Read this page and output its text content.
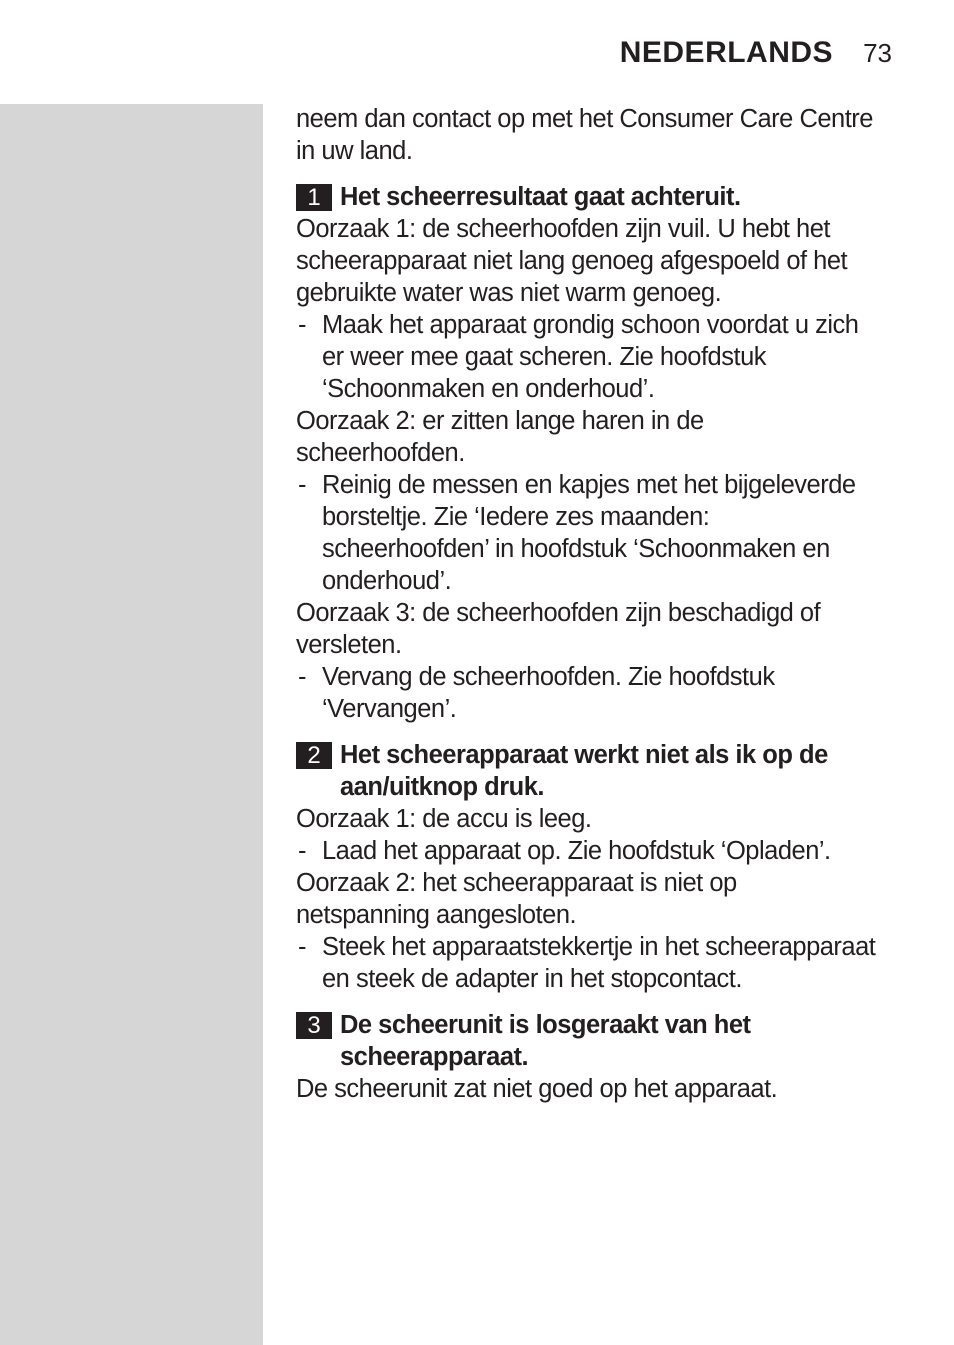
NEDERLANDS 73

neem dan contact op met het Consumer Care Centre in uw land.

1 Het scheerresultaat gaat achteruit.

Oorzaak 1: de scheerhoofden zijn vuil. U hebt het scheerapparaat niet lang genoeg afgespoeld of het gebruikte water was niet warm genoeg.

- Maak het apparaat grondig schoon voordat u zich er weer mee gaat scheren. Zie hoofdstuk ‘Schoonmaken en onderhoud’.

Oorzaak 2: er zitten lange haren in de scheerhoofden.

- Reinig de messen en kapjes met het bijgeleverde borsteltje. Zie ‘Iedere zes maanden: scheerhoofden’ in hoofdstuk ‘Schoonmaken en onderhoud’.

Oorzaak 3: de scheerhoofden zijn beschadigd of versleten.

- Vervang de scheerhoofden. Zie hoofdstuk ‘Vervangen’.
2 Het scheerapparaat werkt niet als ik op de aan/uitknop druk.

Oorzaak 1: de accu is leeg.

- Laad het apparaat op. Zie hoofdstuk ‘Opladen’.

Oorzaak 2: het scheerapparaat is niet op netspanning aangesloten.

- Steek het apparaatstekkertje in het scheerapparaat en steek de adapter in het stopcontact.
3 De scheerunit is losgeraakt van het scheerapparaat.

De scheerunit zat niet goed op het apparaat.
